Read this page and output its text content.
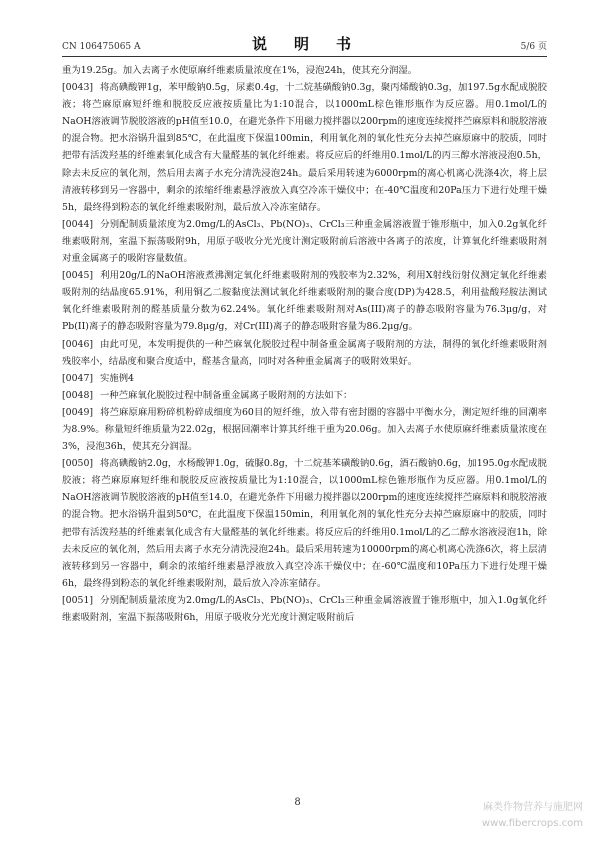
CN 106475065 A	说　明　书	5/6 页

重为19.25g。加入去离子水使原麻纤维素质量浓度在1%，浸泡24h，使其充分润湿。

[0043] 将高碘酸钾1g，苯甲酸钠0.5g，尿素0.4g，十二烷基磺酸钠0.3g，聚丙烯酸钠0.3g，加197.5g水配成脱胶液；将苎麻原麻短纤维和脱胶反应液按质量比为1:10混合，以1000mL棕色锥形瓶作为反应器。用0.1mol/L的NaOH溶液调节脱胶溶液的pH值至10.0，在避光条件下用磁力搅拌器以200rpm的速度连续搅拌苎麻原料和脱胶溶液的混合物。把水浴锅升温到85℃，在此温度下保温100min，利用氧化剂的氧化性充分去掉苎麻原麻中的胶质，同时把带有活泼羟基的纤维素氧化成含有大量醛基的氧化纤维素。将反应后的纤维用0.1mol/L的丙三醇水溶液浸泡0.5h，除去未反应的氧化剂，然后用去离子水充分清洗浸泡24h。最后采用转速为6000rpm的离心机离心洗涤4次，将上层清液转移到另一容器中，剩余的浓缩纤维素悬浮液放入真空冷冻干燥仪中；在-40℃温度和20Pa压力下进行处理干燥5h，最终得到粉态的氧化纤维素吸附剂，最后放入冷冻室储存。

[0044] 分别配制质量浓度为2.0mg/L的AsCl₃、Pb(NO)₃、CrCl₃三种重金属溶液置于锥形瓶中，加入0.2g氧化纤维素吸附剂，室温下振荡吸附9h，用原子吸收分光光度计测定吸附前后溶液中各离子的浓度，计算氧化纤维素吸附剂对重金属离子的吸附容量数值。

[0045] 利用20g/L的NaOH溶液煮沸测定氧化纤维素吸附剂的残胶率为2.32%，利用X射线衍射仪测定氧化纤维素吸附剂的结晶度65.91%，利用铜乙二胺黏度法测试氧化纤维素吸附剂的聚合度(DP)为428.5，利用盐酸羟胺法测试氧化纤维素吸附剂的醛基质量分数为62.24%。氧化纤维素吸附剂对As(III)离子的静态吸附容量为76.3μg/g，对Pb(II)离子的静态吸附容量为79.8μg/g，对Cr(III)离子的静态吸附容量为86.2μg/g。

[0046] 由此可见，本发明提供的一种苎麻氧化脱胶过程中制备重金属离子吸附剂的方法，制得的氧化纤维素吸附剂残胶率小，结晶度和聚合度适中，醛基含量高，同时对各种重金属离子的吸附效果好。

[0047] 实施例4

[0048] 一种苎麻氧化脱胶过程中制备重金属离子吸附剂的方法如下：

[0049] 将苎麻原麻用粉碎机粉碎成细度为60目的短纤维，放入带有密封圈的容器中平衡水分，测定短纤维的回潮率为8.9%。称量短纤维质量为22.02g，根据回潮率计算其纤维干重为20.06g。加入去离子水使原麻纤维素质量浓度在3%，浸泡36h，使其充分润湿。

[0050] 将高碘酸钠2.0g，水杨酸钾1.0g，硫脲0.8g，十二烷基苯磺酸钠0.6g，酒石酸钠0.6g，加195.0g水配成脱胶液；将苎麻原麻短纤维和脱胶反应液按质量比为1:10混合，以1000mL棕色锥形瓶作为反应器。用0.1mol/L的NaOH溶液调节脱胶溶液的pH值至14.0，在避光条件下用磁力搅拌器以200rpm的速度连续搅拌苎麻原料和脱胶溶液的混合物。把水浴锅升温到50℃，在此温度下保温150min，利用氧化剂的氧化性充分去掉苎麻原麻中的胶质，同时把带有活泼羟基的纤维素氧化成含有大量醛基的氧化纤维素。将反应后的纤维用0.1mol/L的乙二醇水溶液浸泡1h，除去未反应的氧化剂，然后用去离子水充分清洗浸泡24h。最后采用转速为10000rpm的离心机离心洗涤6次，将上层清液转移到另一容器中，剩余的浓缩纤维素悬浮液放入真空冷冻干燥仪中；在-60℃温度和10Pa压力下进行处理干燥6h，最终得到粉态的氧化纤维素吸附剂，最后放入冷冻室储存。

[0051] 分别配制质量浓度为2.0mg/L的AsCl₃、Pb(NO)₃、CrCl₃三种重金属溶液置于锥形瓶中，加入1.0g氧化纤维素吸附剂，室温下振荡吸附6h，用原子吸收分光光度计测定吸附前后

8	麻类作物营养与施肥网
www.fibercrops.com
